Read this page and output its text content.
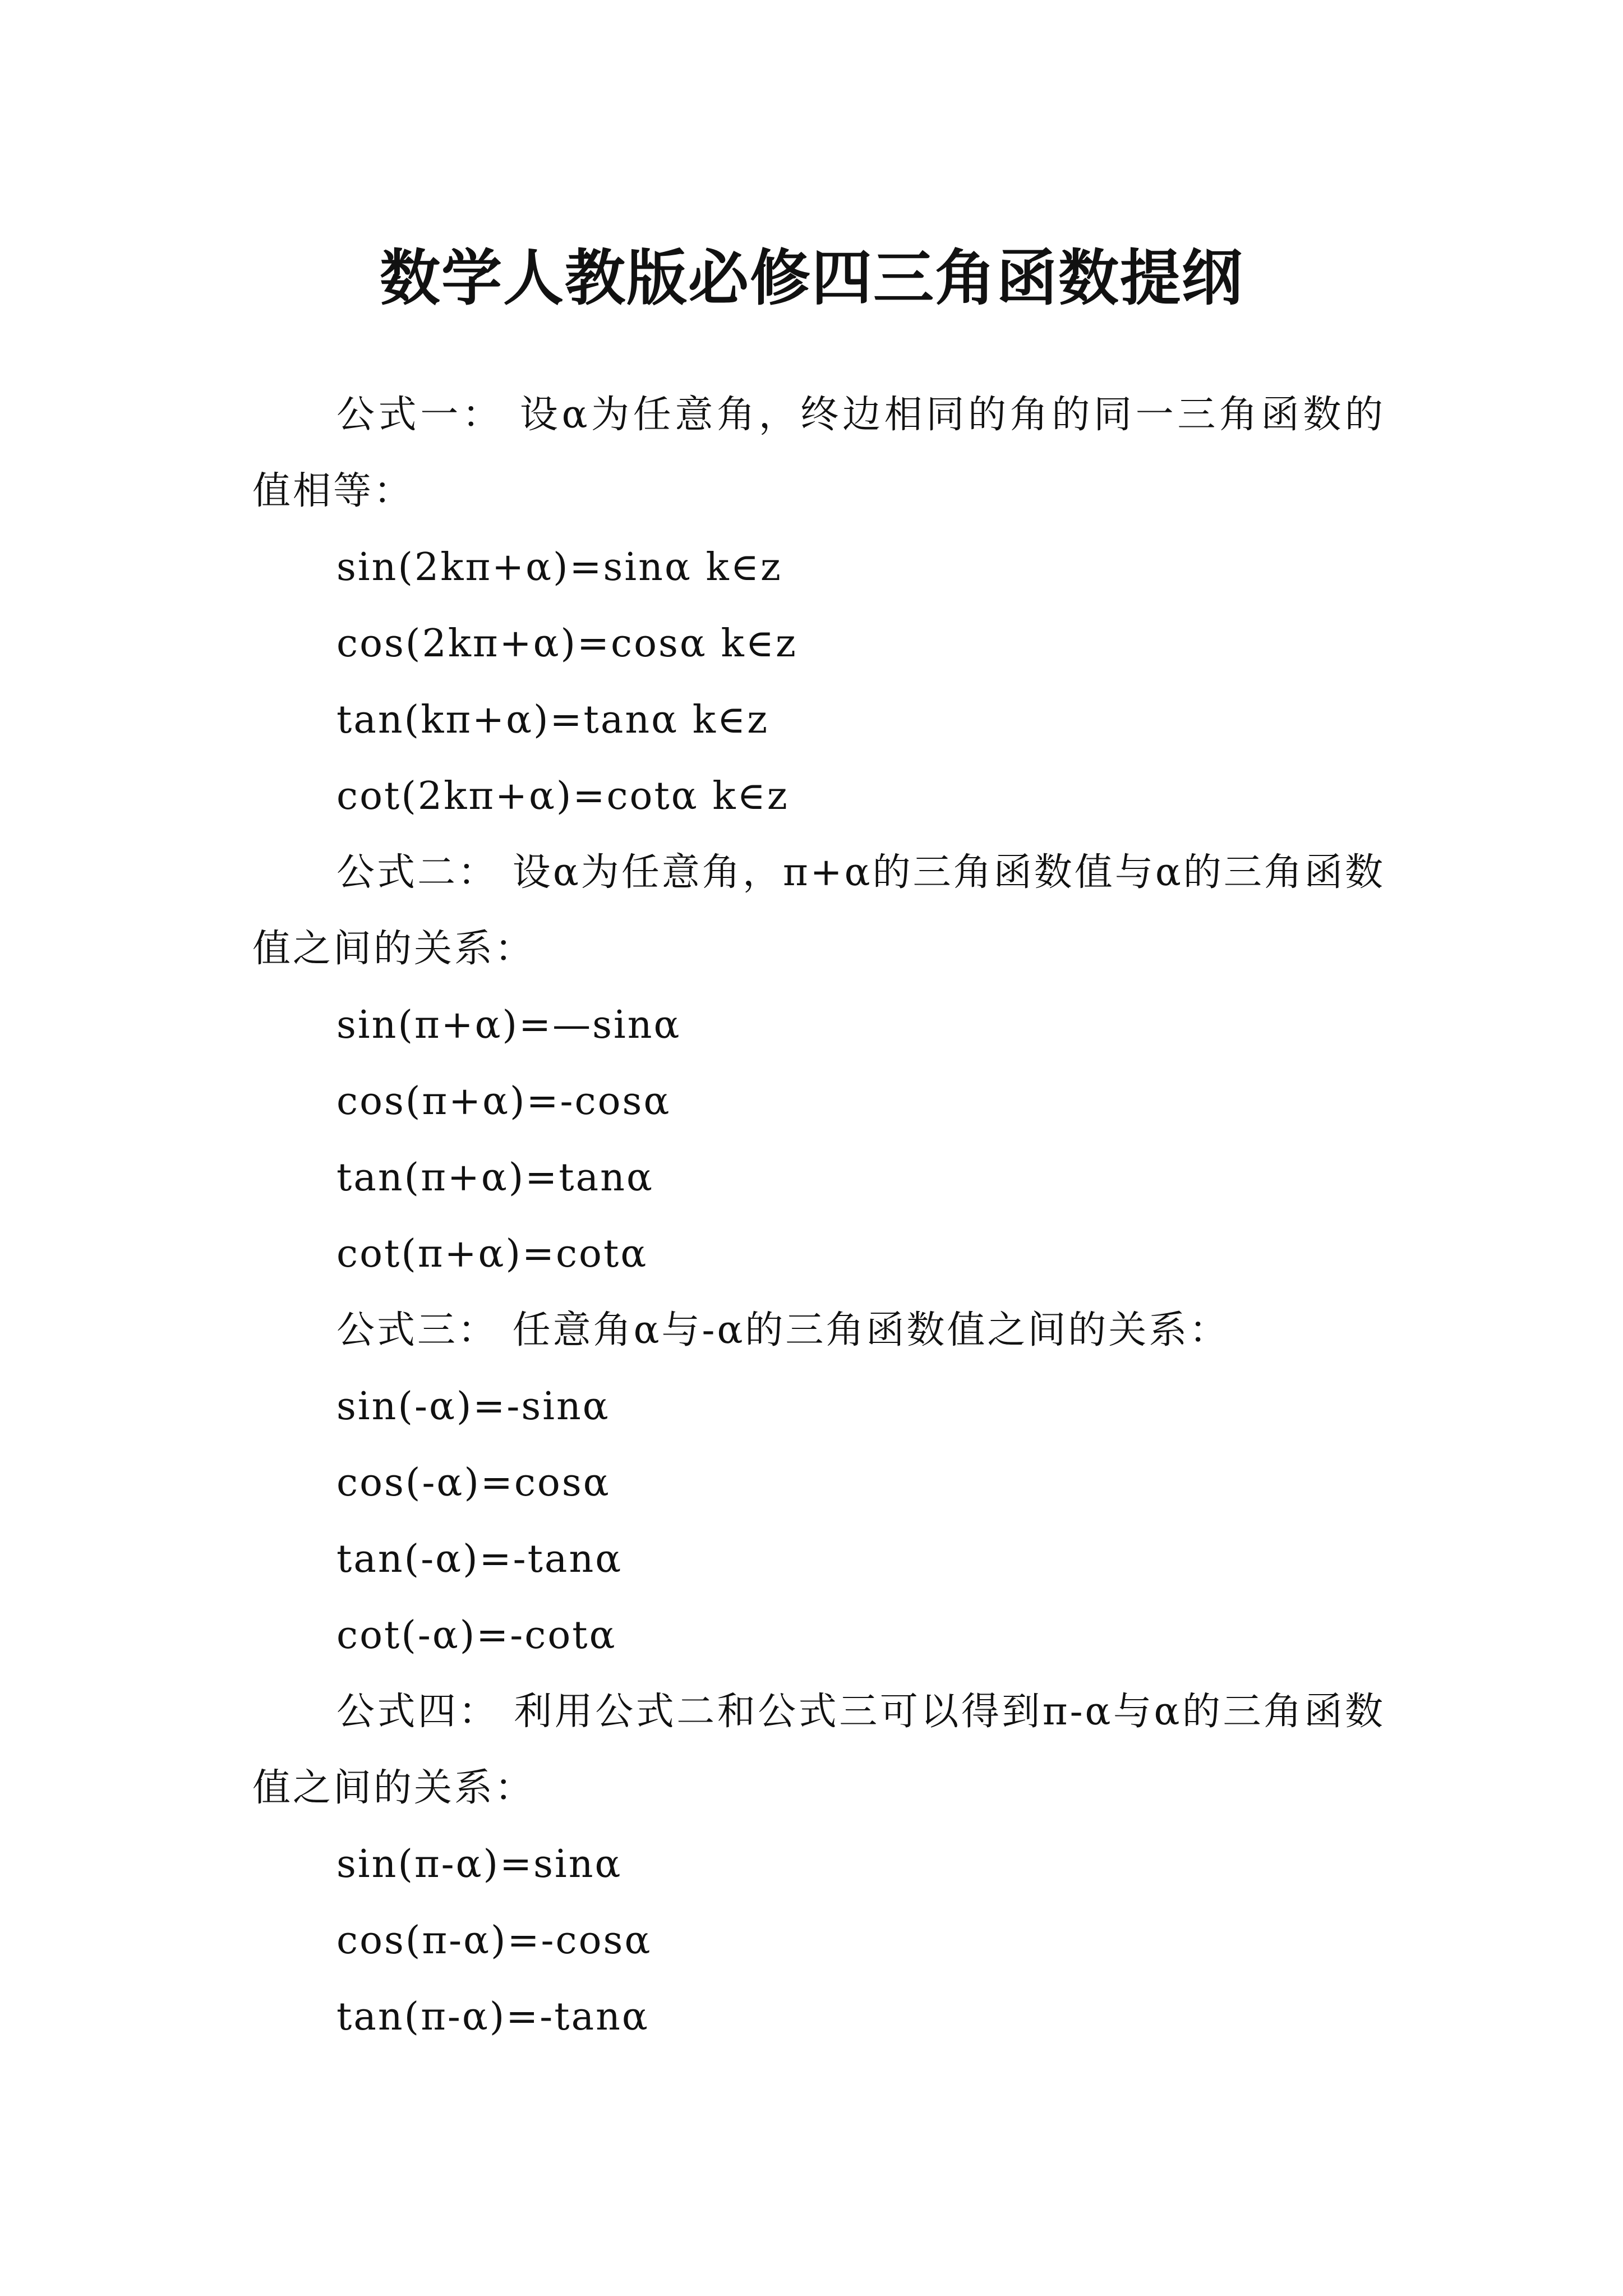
数学人教版必修四三角函数提纲

公式一： 设α为任意角，终边相同的角的同一三角函数的值相等：

sin(2kπ+α)=sinα k∈z

cos(2kπ+α)=cosα k∈z

tan(kπ+α)=tanα k∈z

cot(2kπ+α)=cotα k∈z

公式二： 设α为任意角，π+α的三角函数值与α的三角函数值之间的关系：

sin(π+α)=—sinα

cos(π+α)=-cosα

tan(π+α)=tanα

cot(π+α)=cotα

公式三： 任意角α与-α的三角函数值之间的关系：

sin(-α)=-sinα

cos(-α)=cosα

tan(-α)=-tanα

cot(-α)=-cotα

公式四： 利用公式二和公式三可以得到π-α与α的三角函数值之间的关系：

sin(π-α)=sinα

cos(π-α)=-cosα

tan(π-α)=-tanα
